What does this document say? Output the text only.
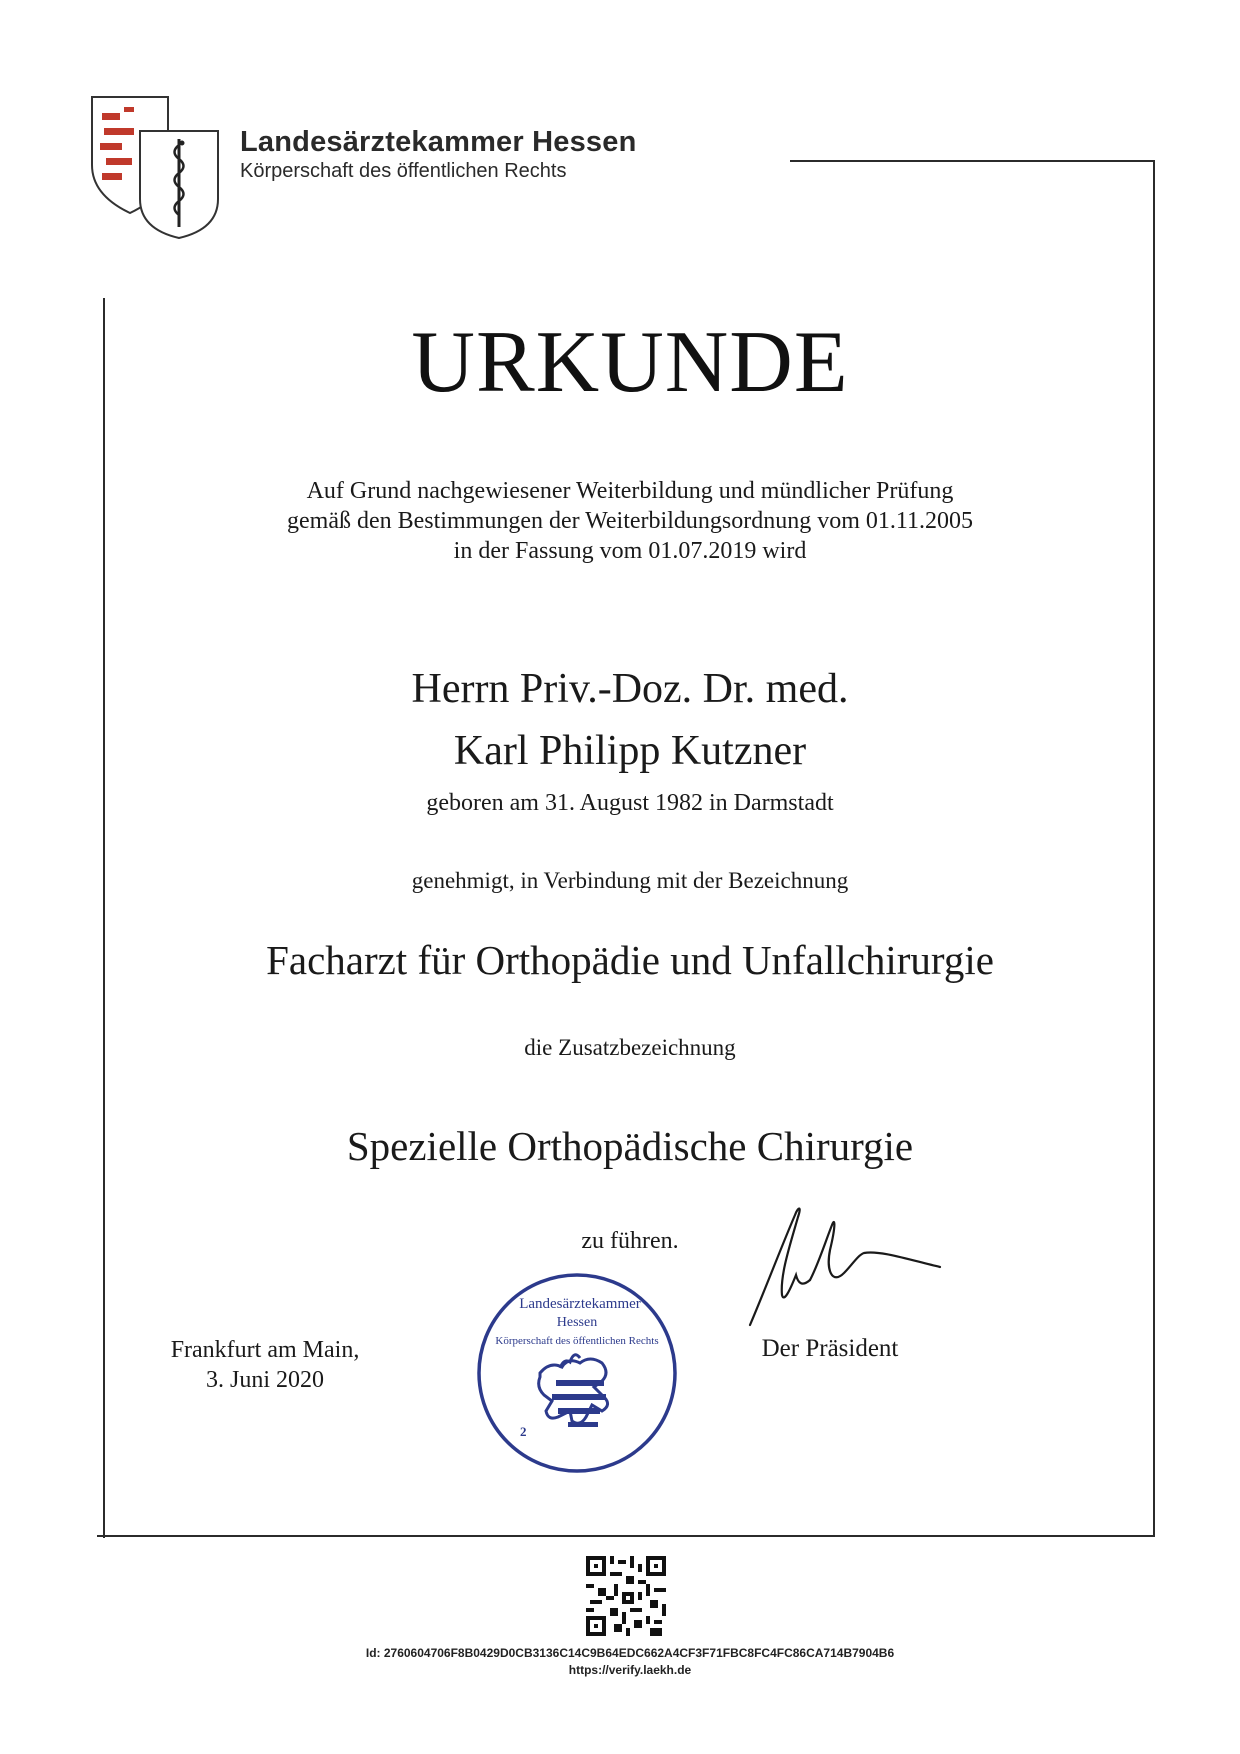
Landesärztekammer Hessen
Körperschaft des öffentlichen Rechts
URKUNDE
Auf Grund nachgewiesener Weiterbildung und mündlicher Prüfung
gemäß den Bestimmungen der Weiterbildungsordnung vom 01.11.2005
in der Fassung vom 01.07.2019 wird
Herrn Priv.-Doz. Dr. med.
Karl Philipp Kutzner
geboren am 31. August 1982 in Darmstadt
genehmigt, in Verbindung mit der Bezeichnung
Facharzt für Orthopädie und Unfallchirurgie
die Zusatzbezeichnung
Spezielle Orthopädische Chirurgie
zu führen.
Frankfurt am Main,
3. Juni 2020
Der Präsident
Landesärztekammer
Hessen
Körperschaft des öffentlichen Rechts
2
Id: 2760604706F8B0429D0CB3136C14C9B64EDC662A4CF3F71FBC8FC4FC86CA714B7904B6
https://verify.laekh.de
